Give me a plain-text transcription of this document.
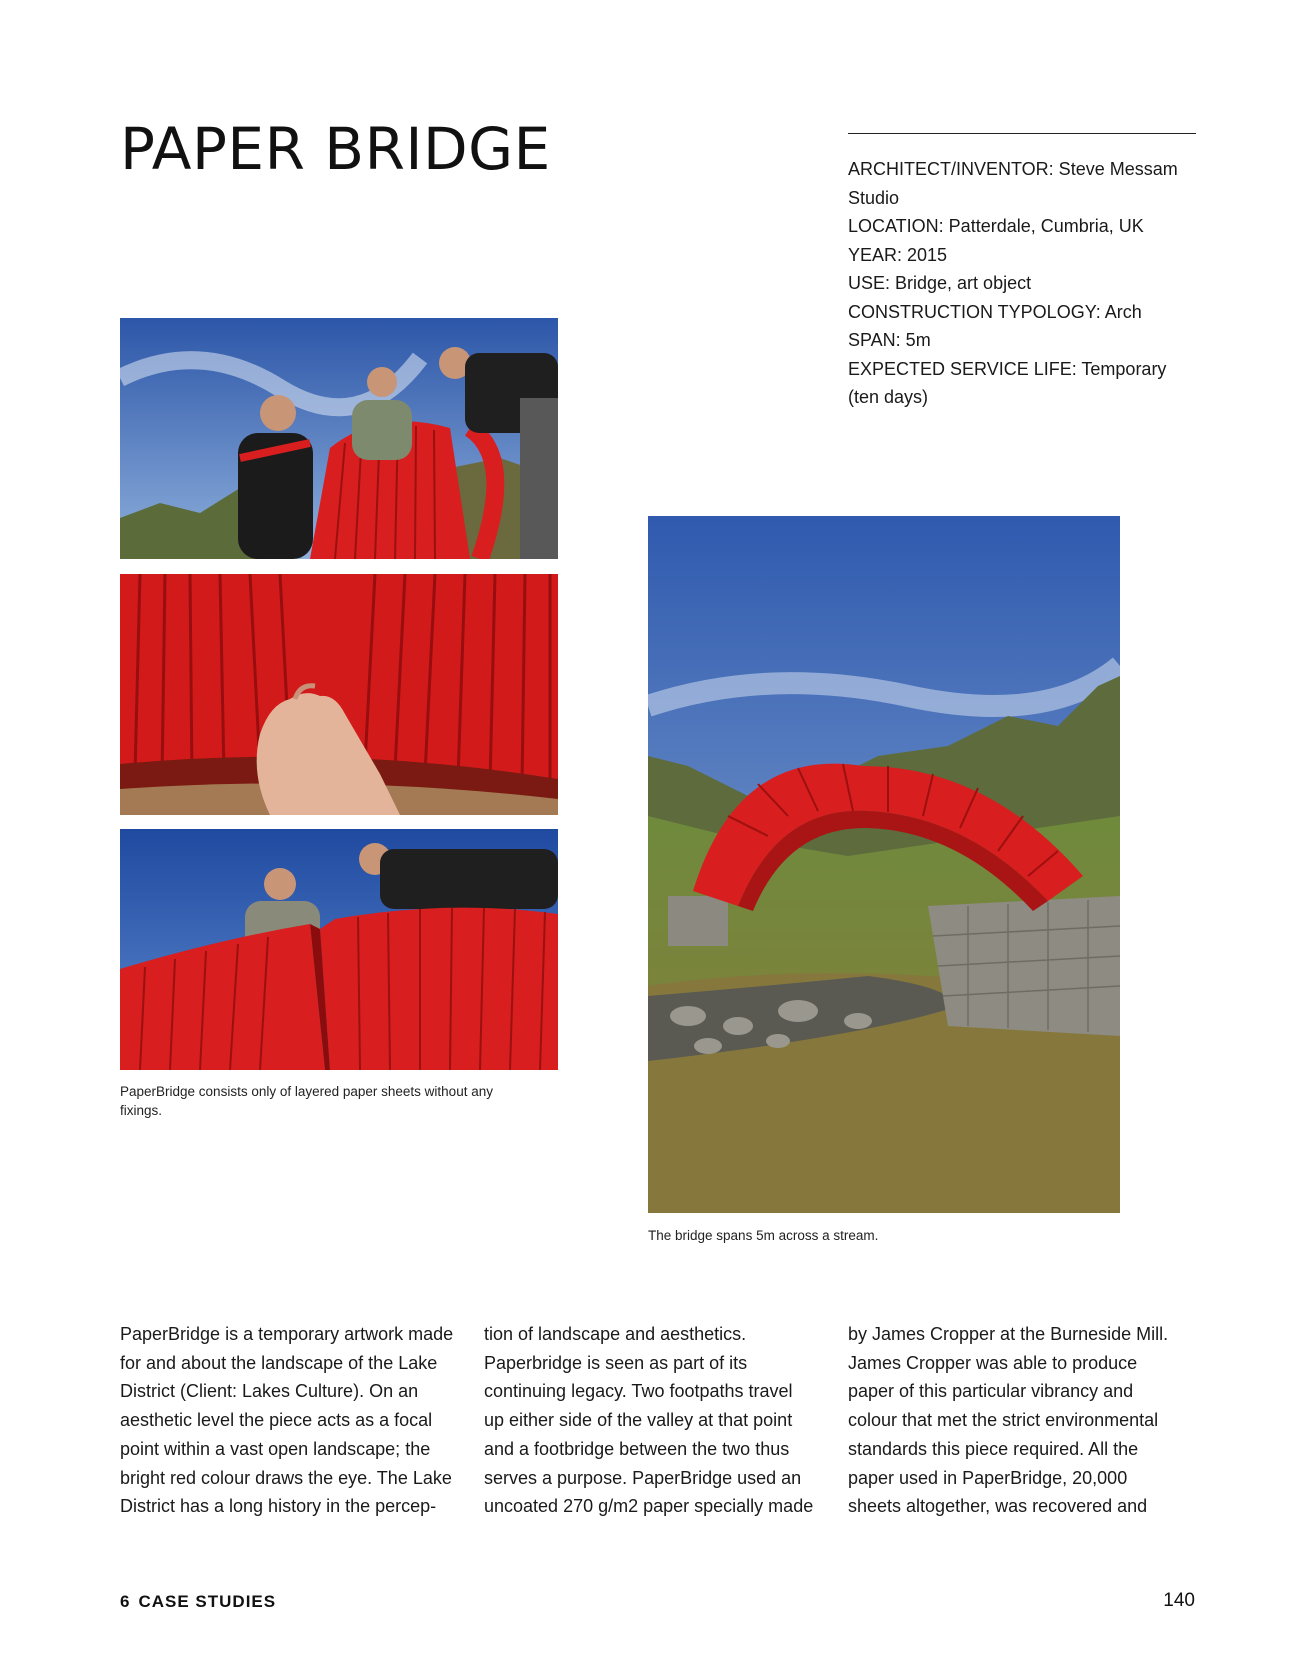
PAPER BRIDGE	ARCHITECT/INVENTOR: Steve Messam
Studio
LOCATION: Patterdale, Cumbria, UK
YEAR: 2015
USE: Bridge, art object
CONSTRUCTION TYPOLOGY: Arch
SPAN: 5m
EXPECTED SERVICE LIFE: Temporary
(ten days)
PaperBridge consists only of layered paper sheets without any fixings.
The bridge spans 5m across a stream.
PaperBridge is a temporary artwork made
for and about the landscape of the Lake
District (Client: Lakes Culture). On an
aesthetic level the piece acts as a focal
point within a vast open landscape; the
bright red colour draws the eye. The Lake
District has a long history in the percep-
tion of landscape and aesthetics.
Paperbridge is seen as part of its
continuing legacy. Two footpaths travel
up either side of the valley at that point
and a footbridge between the two thus
serves a purpose. PaperBridge used an
uncoated 270 g/m2 paper specially made
by James Cropper at the Burneside Mill.
James Cropper was able to produce
paper of this particular vibrancy and
colour that met the strict environmental
standards this piece required. All the
paper used in PaperBridge, 20,000
sheets altogether, was recovered and
6 CASE STUDIES	140
